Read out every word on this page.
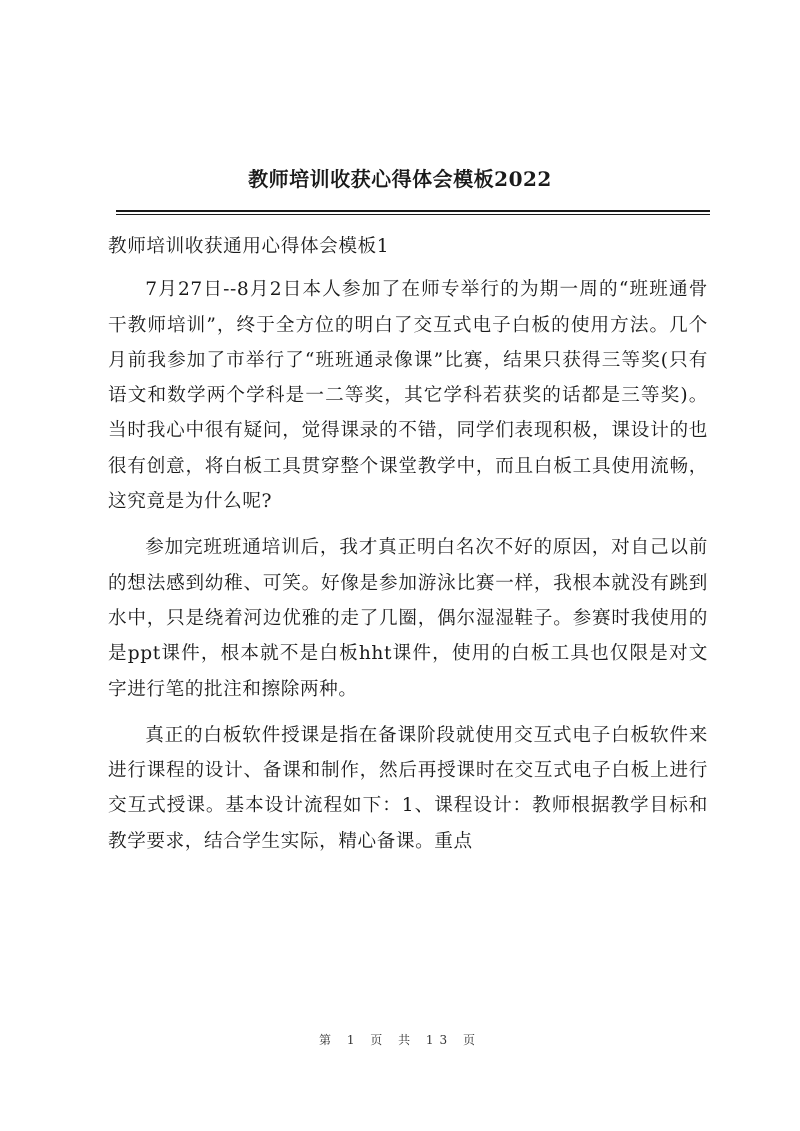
教师培训收获心得体会模板2022

教师培训收获通用心得体会模板1

7月27日--8月2日本人参加了在师专举行的为期一周的“班班通骨干教师培训”，终于全方位的明白了交互式电子白板的使用方法。几个月前我参加了市举行了“班班通录像课”比赛，结果只获得三等奖(只有语文和数学两个学科是一二等奖，其它学科若获奖的话都是三等奖)。当时我心中很有疑问，觉得课录的不错，同学们表现积极，课设计的也很有创意，将白板工具贯穿整个课堂教学中，而且白板工具使用流畅，这究竟是为什么呢?

参加完班班通培训后，我才真正明白名次不好的原因，对自己以前的想法感到幼稚、可笑。好像是参加游泳比赛一样，我根本就没有跳到水中，只是绕着河边优雅的走了几圈，偶尔湿湿鞋子。参赛时我使用的是ppt课件，根本就不是白板hht课件，使用的白板工具也仅限是对文字进行笔的批注和擦除两种。

真正的白板软件授课是指在备课阶段就使用交互式电子白板软件来进行课程的设计、备课和制作，然后再授课时在交互式电子白板上进行交互式授课。基本设计流程如下：1、课程设计：教师根据教学目标和教学要求，结合学生实际，精心备课。重点

第 1 页 共 13 页
